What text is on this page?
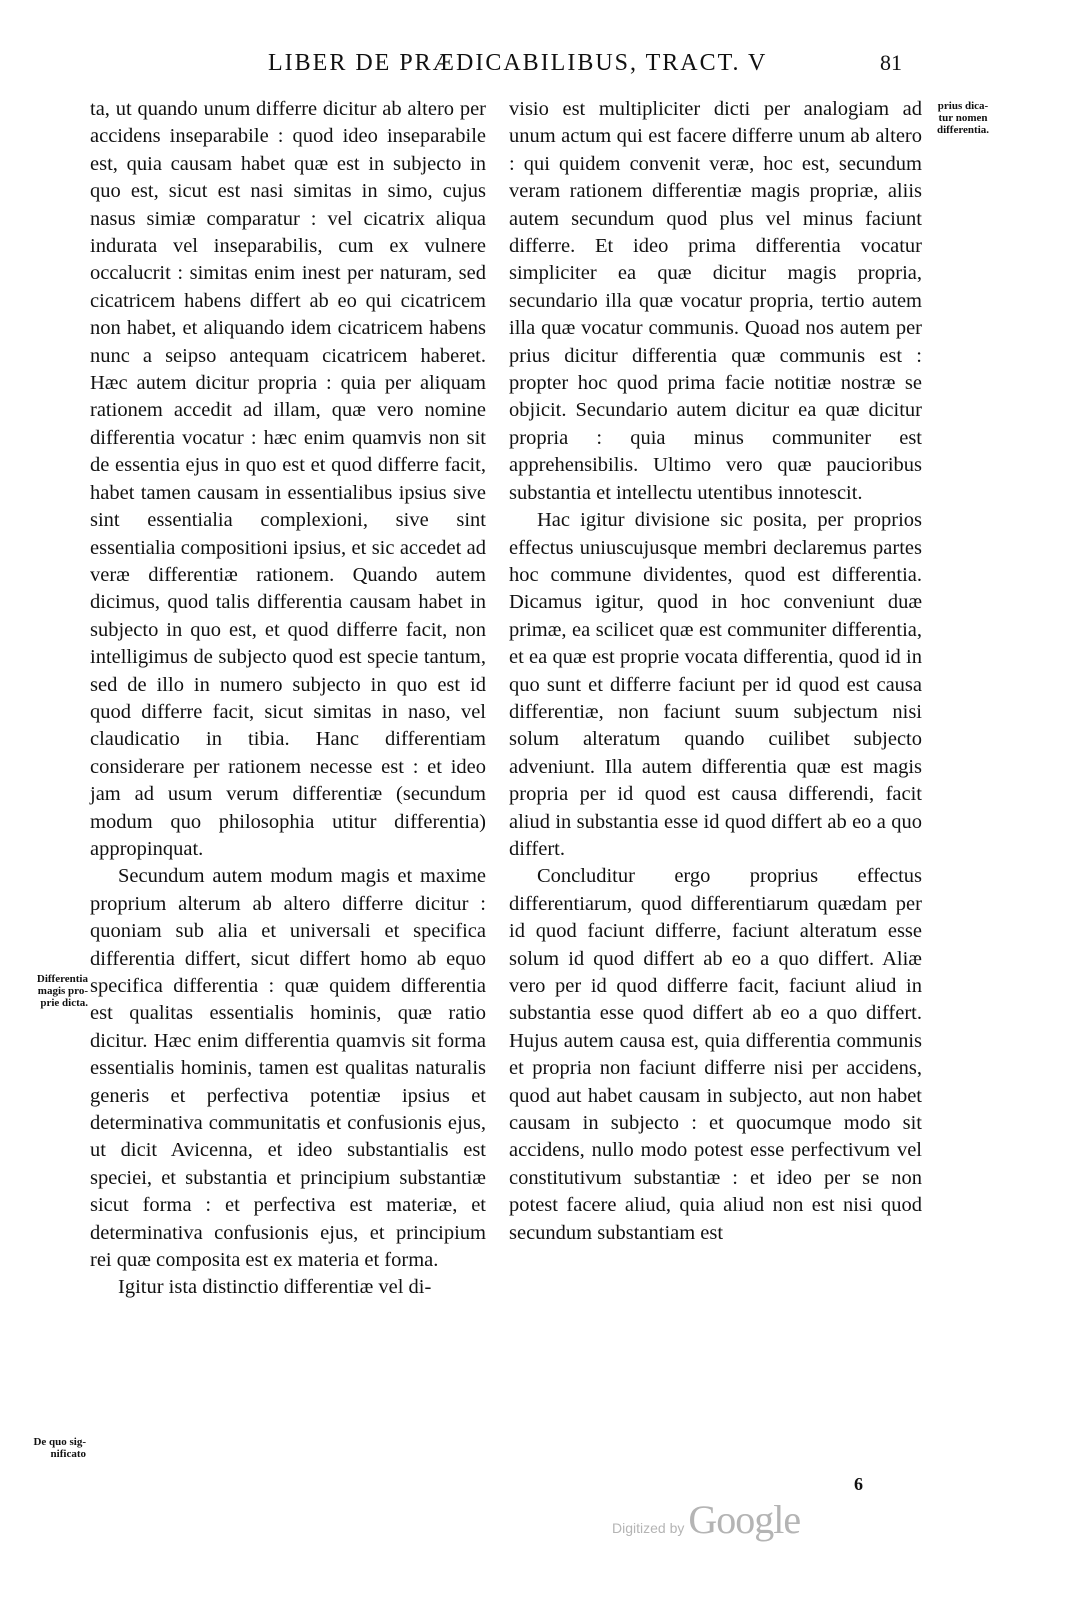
LIBER DE PRÆDICABILIBUS, TRACT. V	81
prius dica-
tur nomen
differentia.
Differentia
magis pro-
prie dicta.
De quo sig-
nificato

ta, ut quando unum differre dicitur ab altero per accidens inseparabile : quod ideo inseparabile est, quia causam habet quæ est in subjecto in quo est, sicut est nasi simitas in simo, cujus nasus simiæ comparatur : vel cicatrix aliqua indurata vel inseparabilis, cum ex vulnere occalucrit : simitas enim inest per naturam, sed cicatricem habens differt ab eo qui cicatricem non habet, et aliquando idem cicatricem habens nunc a seipso antequam cicatricem haberet. Hæc autem dicitur propria : quia per aliquam rationem accedit ad illam, quæ vero nomine differentia vocatur : hæc enim quamvis non sit de essentia ejus in quo est et quod differre facit, habet tamen causam in essentialibus ipsius sive sint essentialia complexioni, sive sint essentialia compositioni ipsius, et sic accedet ad veræ differentiæ rationem. Quando autem dicimus, quod talis differentia causam habet in subjecto in quo est, et quod differre facit, non intelligimus de subjecto quod est specie tantum, sed de illo in numero subjecto in quo est id quod differre facit, sicut simitas in naso, vel claudicatio in tibia. Hanc differentiam considerare per rationem necesse est : et ideo jam ad usum verum differentiæ (secundum modum quo philosophia utitur differentia) appropinquat.

Secundum autem modum magis et maxime proprium alterum ab altero differre dicitur : quoniam sub alia et universali et specifica differentia differt, sicut differt homo ab equo specifica differentia : quæ quidem differentia est qualitas essentialis hominis, quæ ratio dicitur. Hæc enim differentia quamvis sit forma essentialis hominis, tamen est qualitas naturalis generis et perfectiva potentiæ ipsius et determinativa communitatis et confusionis ejus, ut dicit Avicenna, et ideo substantialis est speciei, et substantia et principium substantiæ sicut forma : et perfectiva est materiæ, et determinativa confusionis ejus, et principium rei quæ composita est ex materia et forma.

Igitur ista distinctio differentiæ vel di-

visio est multipliciter dicti per analogiam ad unum actum qui est facere differre unum ab altero : qui quidem convenit veræ, hoc est, secundum veram rationem differentiæ magis propriæ, aliis autem secundum quod plus vel minus faciunt differre. Et ideo prima differentia vocatur simpliciter ea quæ dicitur magis propria, secundario illa quæ vocatur propria, tertio autem illa quæ vocatur communis. Quoad nos autem per prius dicitur differentia quæ communis est : propter hoc quod prima facie notitiæ nostræ se objicit. Secundario autem dicitur ea quæ dicitur propria : quia minus communiter est apprehensibilis. Ultimo vero quæ paucioribus substantia et intellectu utentibus innotescit.

Hac igitur divisione sic posita, per proprios effectus uniuscujusque membri declaremus partes hoc commune dividentes, quod est differentia. Dicamus igitur, quod in hoc conveniunt duæ primæ, ea scilicet quæ est communiter differentia, et ea quæ est proprie vocata differentia, quod id in quo sunt et differre faciunt per id quod est causa differentiæ, non faciunt suum subjectum nisi solum alteratum quando cuilibet subjecto adveniunt. Illa autem differentia quæ est magis propria per id quod est causa differendi, facit aliud in substantia esse id quod differt ab eo a quo differt.

Concluditur ergo proprius effectus differentiarum, quod differentiarum quædam per id quod faciunt differre, faciunt alteratum esse solum id quod differt ab eo a quo differt. Aliæ vero per id quod differre facit, faciunt aliud in substantia esse quod differt ab eo a quo differt. Hujus autem causa est, quia differentia communis et propria non faciunt differre nisi per accidens, quod aut habet causam in subjecto, aut non habet causam in subjecto : et quocumque modo sit accidens, nullo modo potest esse perfectivum vel constitutivum substantiæ : et ideo per se non potest facere aliud, quia aliud non est nisi quod secundum substantiam est

6
Digitized by Google
